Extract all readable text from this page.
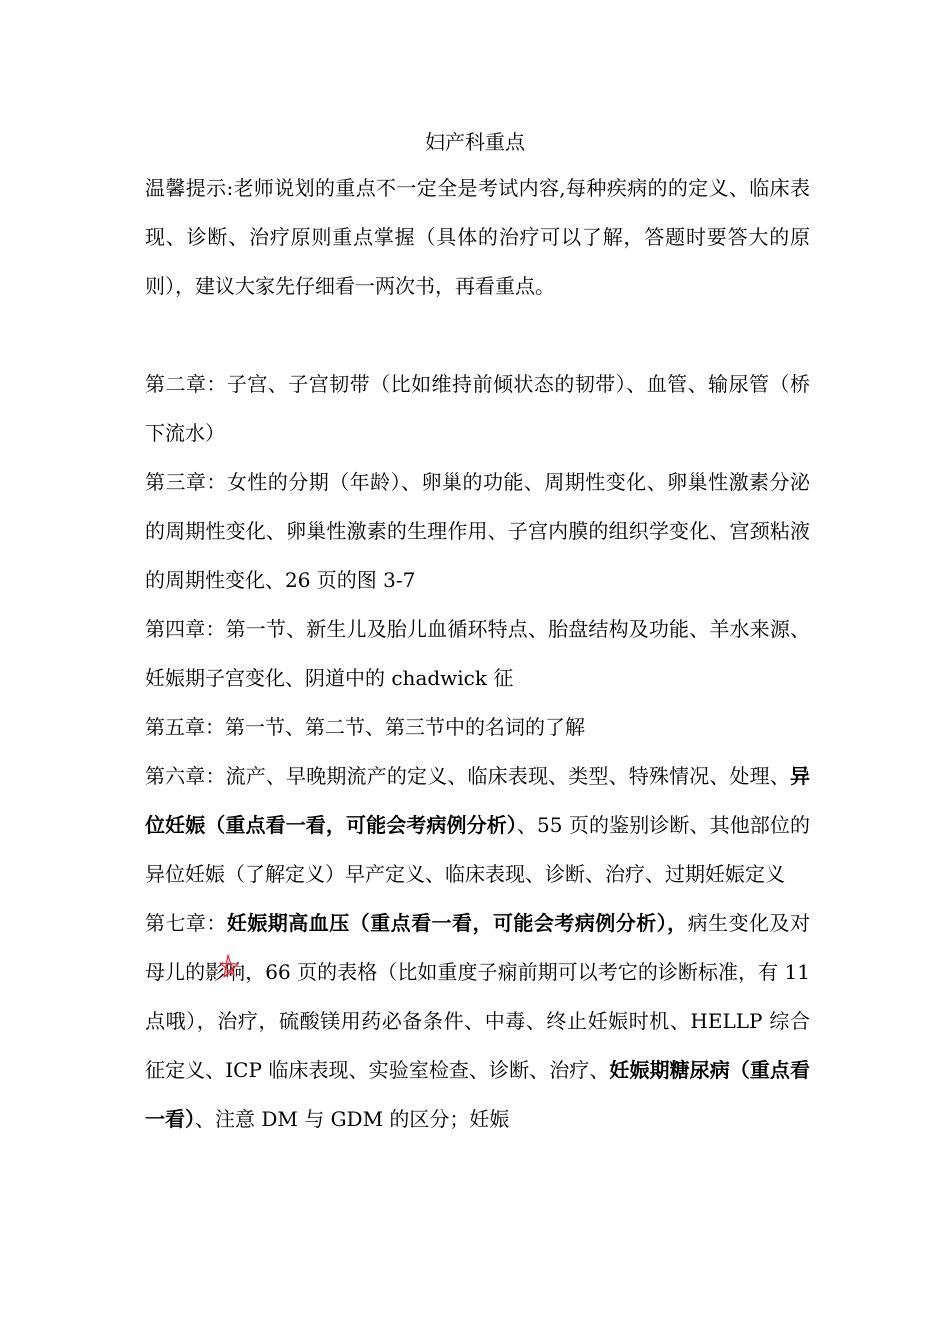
妇产科重点

温馨提示:老师说划的重点不一定全是考试内容,每种疾病的的定义、临床表现、诊断、治疗原则重点掌握（具体的治疗可以了解，答题时要答大的原则），建议大家先仔细看一两次书，再看重点。

第二章：子宫、子宫韧带（比如维持前倾状态的韧带）、血管、输尿管（桥下流水）

第三章：女性的分期（年龄）、卵巢的功能、周期性变化、卵巢性激素分泌的周期性变化、卵巢性激素的生理作用、子宫内膜的组织学变化、宫颈粘液的周期性变化、26 页的图 3-7

第四章：第一节、新生儿及胎儿血循环特点、胎盘结构及功能、羊水来源、妊娠期子宫变化、阴道中的 chadwick 征

第五章：第一节、第二节、第三节中的名词的了解

第六章：流产、早晚期流产的定义、临床表现、类型、特殊情况、处理、异位妊娠（重点看一看，可能会考病例分析）、55 页的鉴别诊断、其他部位的异位妊娠（了解定义）早产定义、临床表现、诊断、治疗、过期妊娠定义

第七章：妊娠期高血压（重点看一看，可能会考病例分析），病生变化及对母儿的影响，66 页的表格（比如重度子痫前期可以考它的诊断标准，有 11 点哦），治疗，硫酸镁用药必备条件、中毒、终止妊娠时机、HELLP 综合征定义、ICP 临床表现、实验室检查、诊断、治疗、妊娠期糖尿病（重点看一看）、注意 DM 与 GDM 的区分；妊娠
